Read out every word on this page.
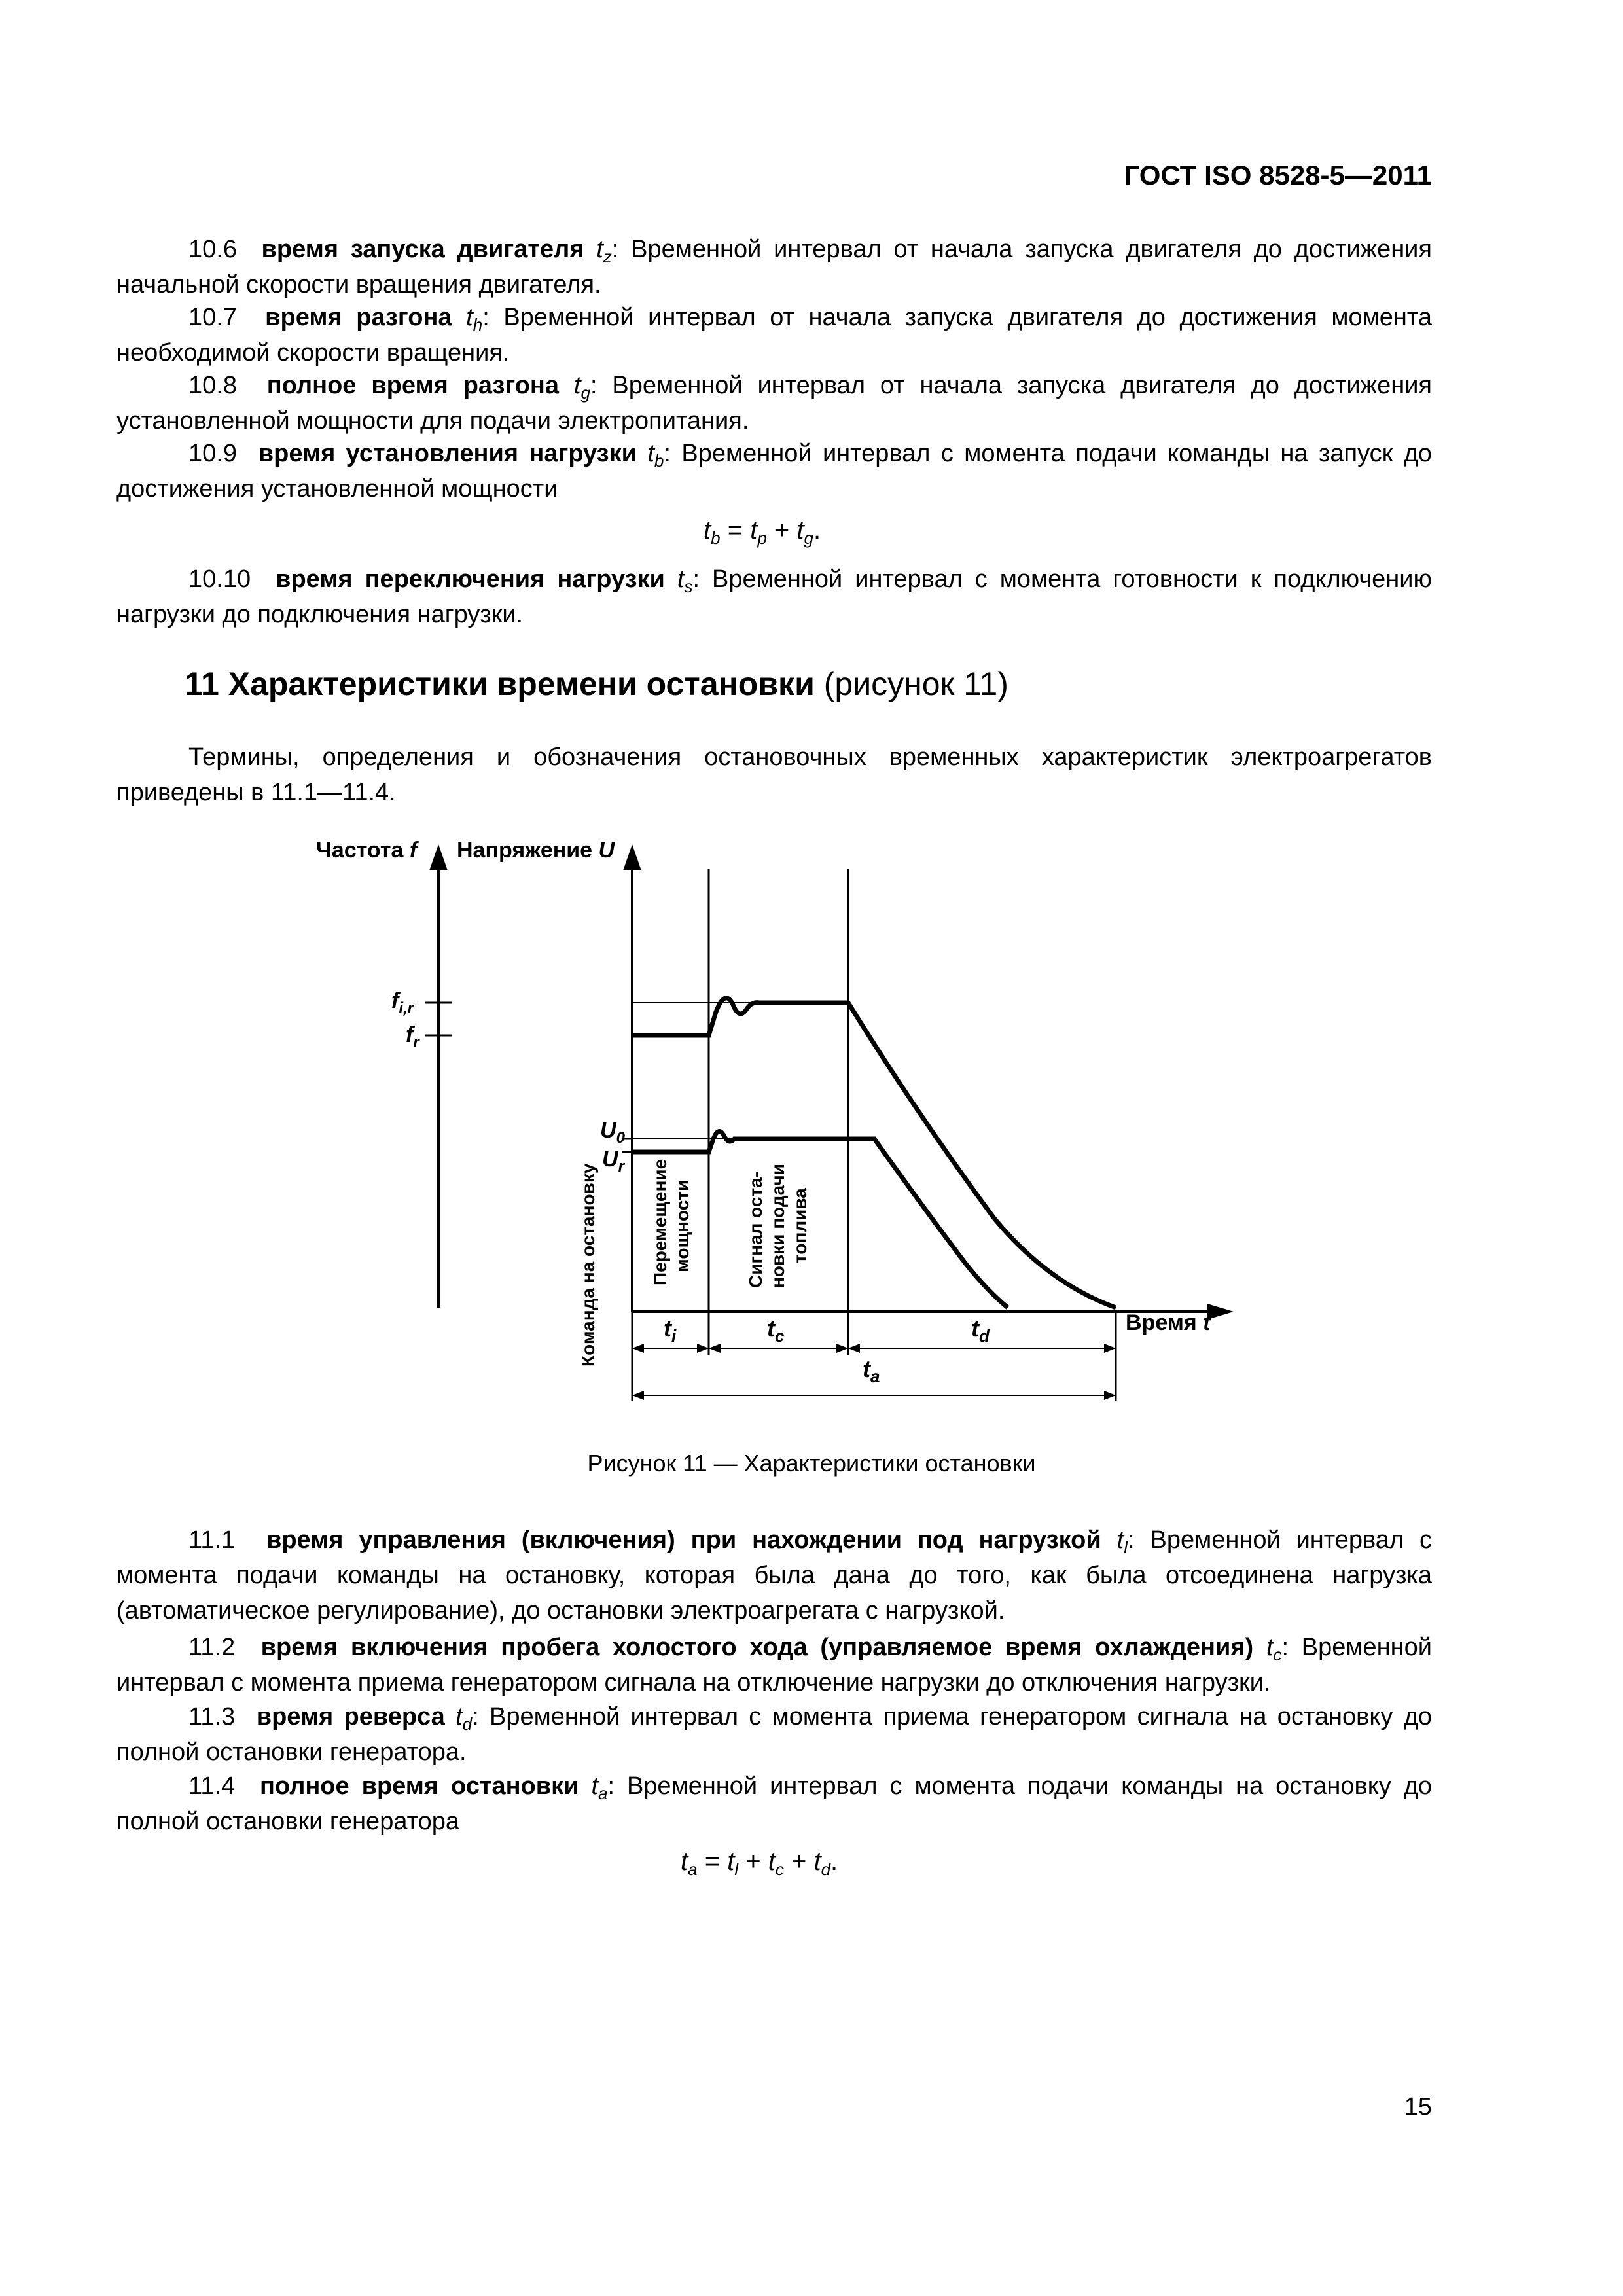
ГОСТ ISO 8528-5—2011
10.6 время запуска двигателя $t_z$: Временной интервал от начала запуска двигателя до достижения начальной скорости вращения двигателя.
10.7 время разгона $t_h$: Временной интервал от начала запуска двигателя до достижения момента необходимой скорости вращения.
10.8 полное время разгона $t_g$: Временной интервал от начала запуска двигателя до достижения установленной мощности для подачи электропитания.
10.9 время установления нагрузки $t_b$: Временной интервал с момента подачи команды на запуск до достижения установленной мощности
$t_b = t_p + t_g$.
10.10 время переключения нагрузки $t_s$: Временной интервал с момента готовности к подключению нагрузки до подключения нагрузки.
11 Характеристики времени остановки (рисунок 11)
Термины, определения и обозначения остановочных временных характеристик электроагрегатов приведены в 11.1—11.4.
Частота f Напряжение U
Время t
$f_{i,r}$
$f_r$
$U_0$
$U_r$
Команда на остановку	Перемещение мощности	Сигнал оста- новки подачи топлива
$t_i$	$t_c$	$t_d$
$t_a$
Рисунок 11 — Характеристики остановки
11.1 время управления (включения) при нахождении под нагрузкой $t_l$: Временной интервал с момента подачи команды на остановку, которая была дана до того, как была отсоединена нагрузка (автоматическое регулирование), до остановки электроагрегата с нагрузкой.
11.2 время включения пробега холостого хода (управляемое время охлаждения) $t_c$: Временной интервал с момента приема генератором сигнала на отключение нагрузки до отключения нагрузки.
11.3 время реверса $t_d$: Временной интервал с момента приема генератором сигнала на остановку до полной остановки генератора.
11.4 полное время остановки $t_a$: Временной интервал с момента подачи команды на остановку до полной остановки генератора
$t_a = t_l + t_c + t_d$.
15
